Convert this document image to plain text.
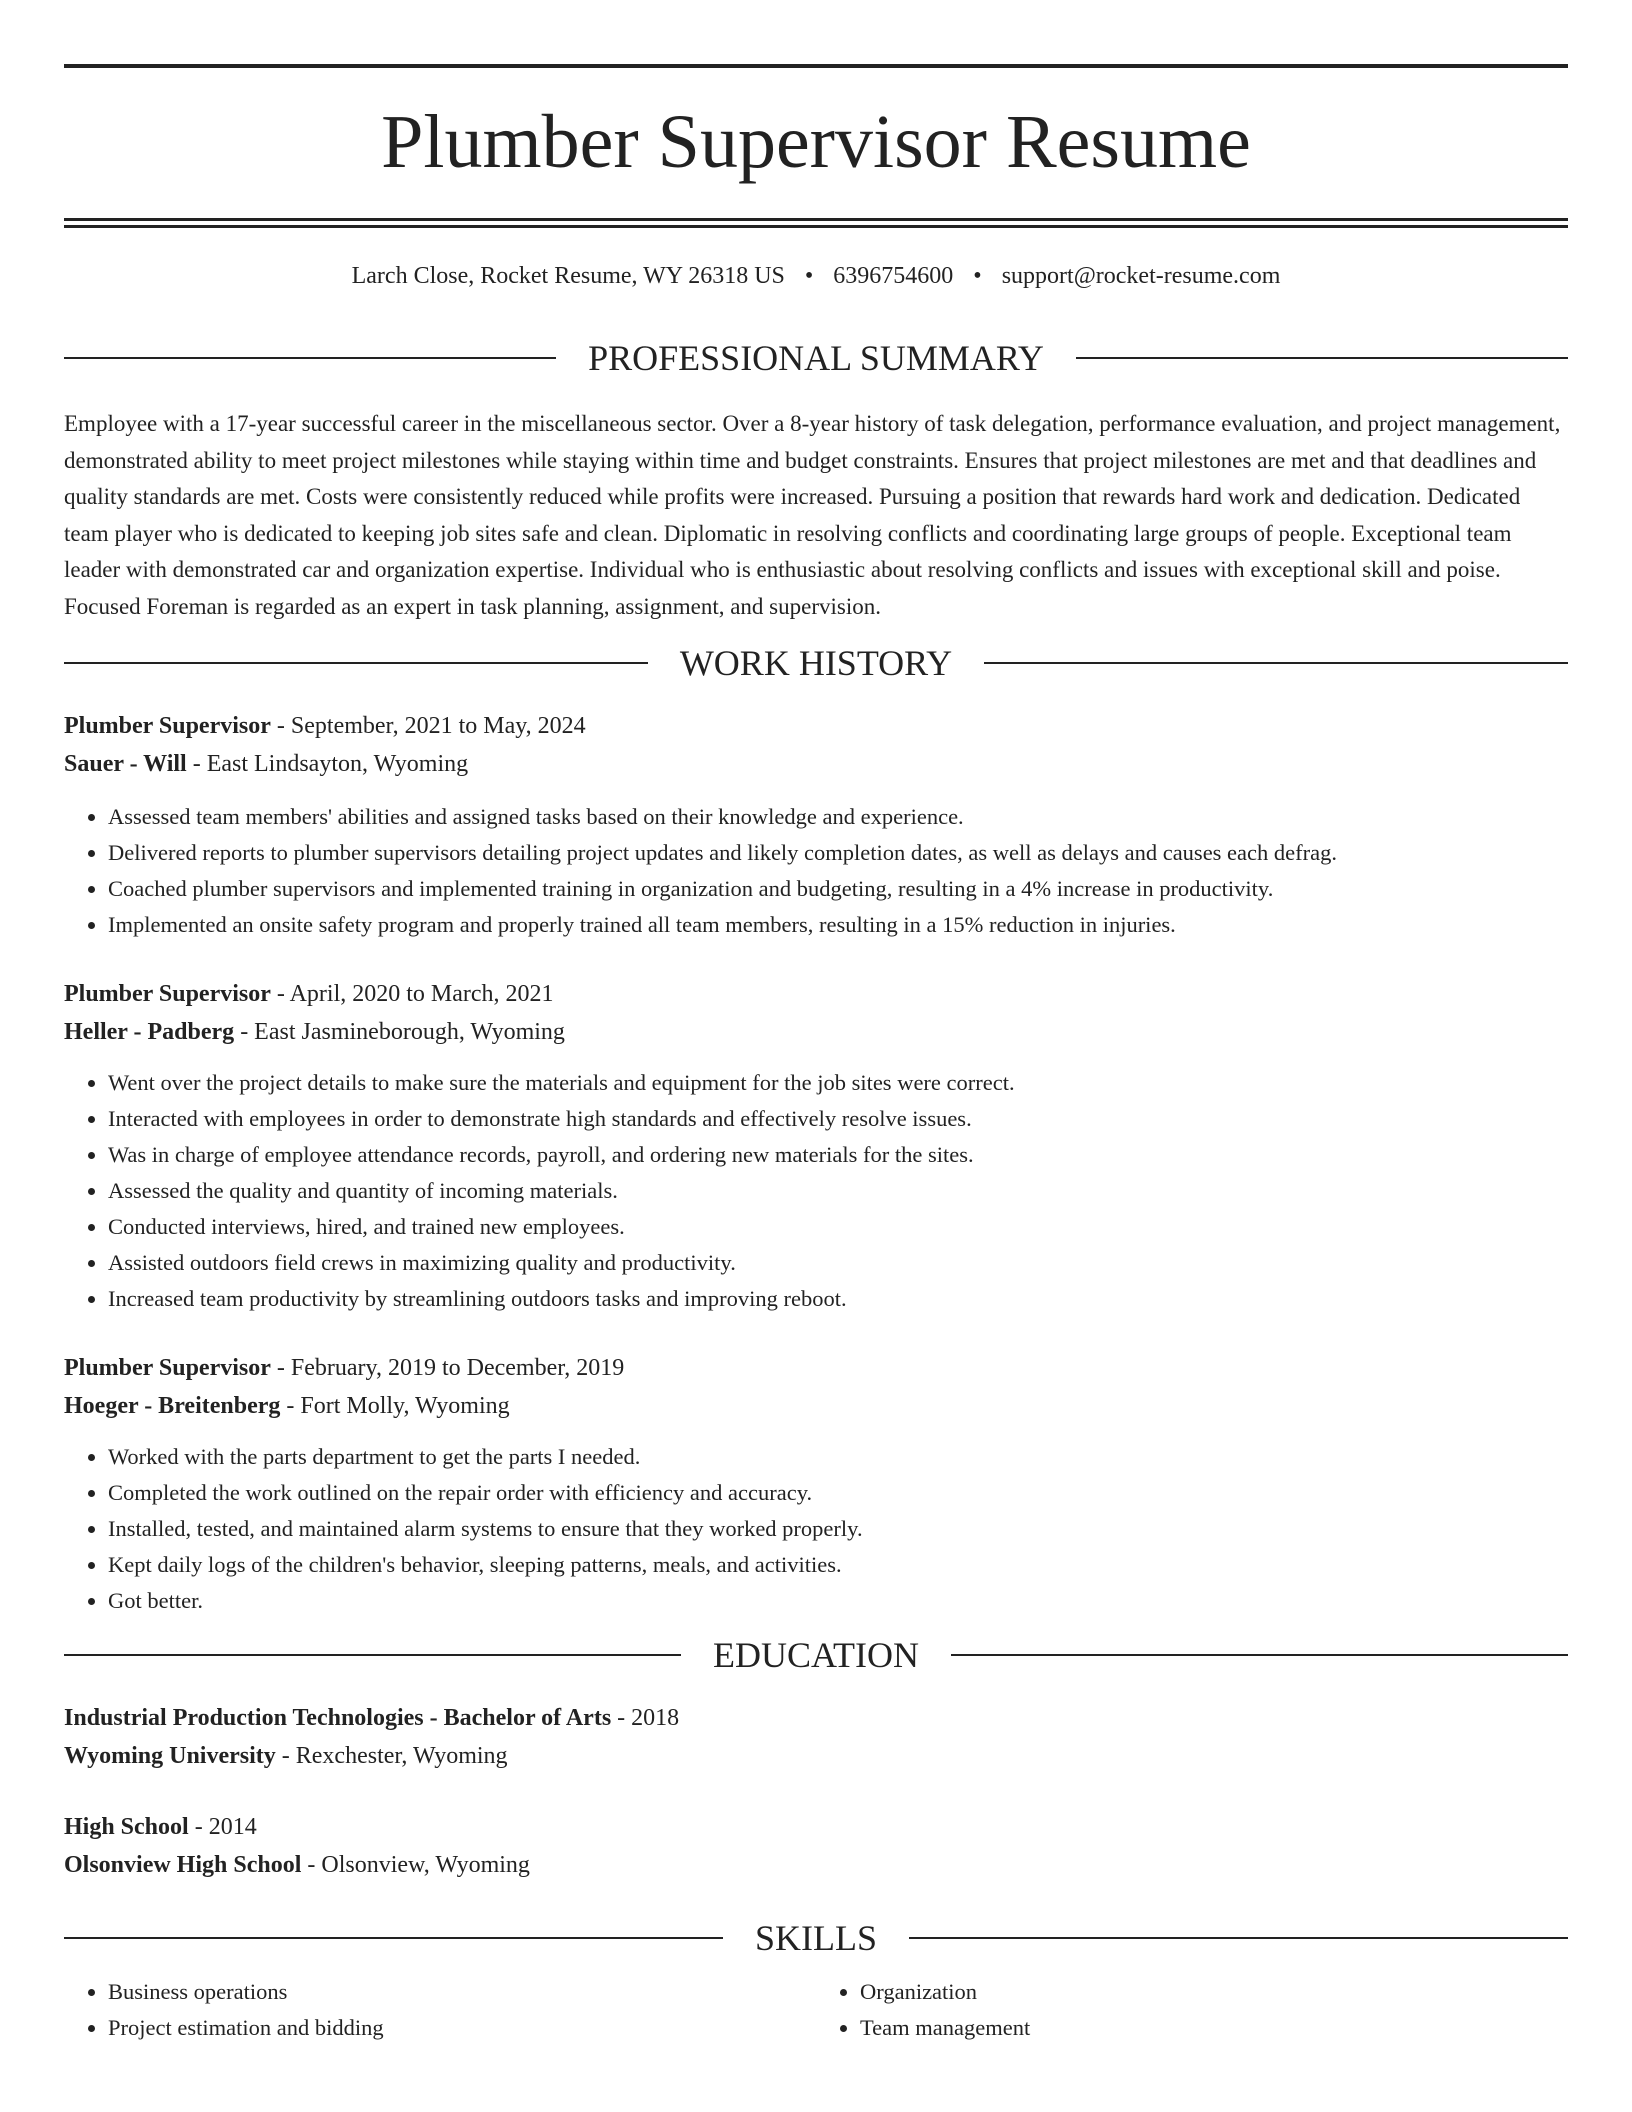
Plumber Supervisor Resume
Larch Close, Rocket Resume, WY 26318 US • 6396754600 • support@rocket-resume.com
PROFESSIONAL SUMMARY

Employee with a 17-year successful career in the miscellaneous sector. Over a 8-year history of task delegation, performance evaluation, and project management, demonstrated ability to meet project milestones while staying within time and budget constraints. Ensures that project milestones are met and that deadlines and quality standards are met. Costs were consistently reduced while profits were increased. Pursuing a position that rewards hard work and dedication. Dedicated team player who is dedicated to keeping job sites safe and clean. Diplomatic in resolving conflicts and coordinating large groups of people. Exceptional team leader with demonstrated car and organization expertise. Individual who is enthusiastic about resolving conflicts and issues with exceptional skill and poise. Focused Foreman is regarded as an expert in task planning, assignment, and supervision.

WORK HISTORY

Plumber Supervisor - September, 2021 to May, 2024

Sauer - Will - East Lindsayton, Wyoming

• Assessed team members' abilities and assigned tasks based on their knowledge and experience.
• Delivered reports to plumber supervisors detailing project updates and likely completion dates, as well as delays and causes each defrag.
• Coached plumber supervisors and implemented training in organization and budgeting, resulting in a 4% increase in productivity.
• Implemented an onsite safety program and properly trained all team members, resulting in a 15% reduction in injuries.

Plumber Supervisor - April, 2020 to March, 2021

Heller - Padberg - East Jasmineborough, Wyoming

• Went over the project details to make sure the materials and equipment for the job sites were correct.
• Interacted with employees in order to demonstrate high standards and effectively resolve issues.
• Was in charge of employee attendance records, payroll, and ordering new materials for the sites.
• Assessed the quality and quantity of incoming materials.
• Conducted interviews, hired, and trained new employees.
• Assisted outdoors field crews in maximizing quality and productivity.
• Increased team productivity by streamlining outdoors tasks and improving reboot.

Plumber Supervisor - February, 2019 to December, 2019

Hoeger - Breitenberg - Fort Molly, Wyoming

• Worked with the parts department to get the parts I needed.
• Completed the work outlined on the repair order with efficiency and accuracy.
• Installed, tested, and maintained alarm systems to ensure that they worked properly.
• Kept daily logs of the children's behavior, sleeping patterns, meals, and activities.
• Got better.
EDUCATION

Industrial Production Technologies - Bachelor of Arts - 2018

Wyoming University - Rexchester, Wyoming

High School - 2014

Olsonview High School - Olsonview, Wyoming

SKILLS
• Business operations
• Project estimation and bidding
• Organization
• Team management
